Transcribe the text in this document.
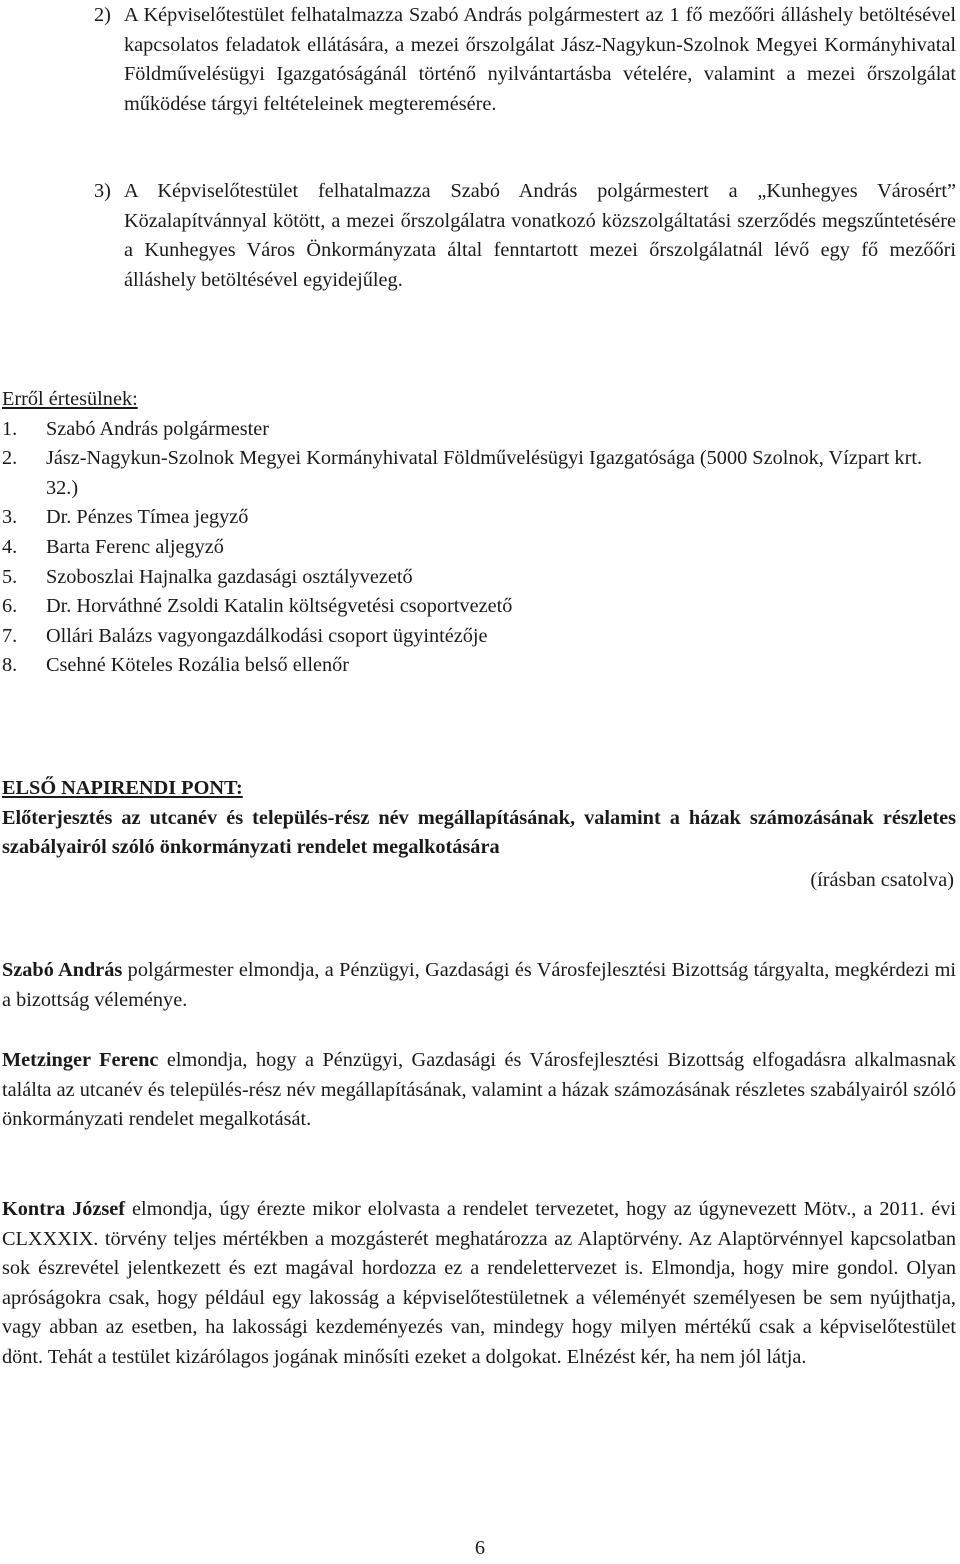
2) A Képviselőtestület felhatalmazza Szabó András polgármestert az 1 fő mezőőri álláshely betöltésével kapcsolatos feladatok ellátására, a mezei őrszolgálat Jász-Nagykun-Szolnok Megyei Kormányhivatal Földművelésügyi Igazgatóságánál történő nyilvántartásba vételére, valamint a mezei őrszolgálat működése tárgyi feltételeinek megteremésére.

3) A Képviselőtestület felhatalmazza Szabó András polgármestert a „Kunhegyes Városért” Közalapítvánnyal kötött, a mezei őrszolgálatra vonatkozó közszolgáltatási szerződés megszűntetésére a Kunhegyes Város Önkormányzata által fenntartott mezei őrszolgálatnál lévő egy fő mezőőri álláshely betöltésével egyidejűleg.

Erről értesülnek:
1. Szabó András polgármester
2. Jász-Nagykun-Szolnok Megyei Kormányhivatal Földművelésügyi Igazgatósága (5000 Szolnok, Vízpart krt. 32.)
3. Dr. Pénzes Tímea jegyző
4. Barta Ferenc aljegyző
5. Szoboszlai Hajnalka gazdasági osztályvezető
6. Dr. Horváthné Zsoldi Katalin költségvetési csoportvezető
7. Ollári Balázs vagyongazdálkodási csoport ügyintézője
8. Csehné Köteles Rozália belső ellenőr
ELSŐ NAPIRENDI PONT:
Előterjesztés az utcanév és település-rész név megállapításának, valamint a házak számozásának részletes szabályairól szóló önkormányzati rendelet megalkotására
(írásban csatolva)

Szabó András polgármester elmondja, a Pénzügyi, Gazdasági és Városfejlesztési Bizottság tárgyalta, megkérdezi mi a bizottság véleménye.

Metzinger Ferenc elmondja, hogy a Pénzügyi, Gazdasági és Városfejlesztési Bizottság elfogadásra alkalmasnak találta az utcanév és település-rész név megállapításának, valamint a házak számozásának részletes szabályairól szóló önkormányzati rendelet megalkotását.

Kontra József elmondja, úgy érezte mikor elolvasta a rendelet tervezetet, hogy az úgynevezett Mötv., a 2011. évi CLXXXIX. törvény teljes mértékben a mozgásterét meghatározza az Alaptörvény. Az Alaptörvénnyel kapcsolatban sok észrevétel jelentkezett és ezt magával hordozza ez a rendelettervezet is. Elmondja, hogy mire gondol. Olyan apróságokra csak, hogy például egy lakosság a képviselőtestületnek a véleményét személyesen be sem nyújthatja, vagy abban az esetben, ha lakossági kezdeményezés van, mindegy hogy milyen mértékű csak a képviselőtestület dönt. Tehát a testület kizárólagos jogának minősíti ezeket a dolgokat. Elnézést kér, ha nem jól látja.

6
